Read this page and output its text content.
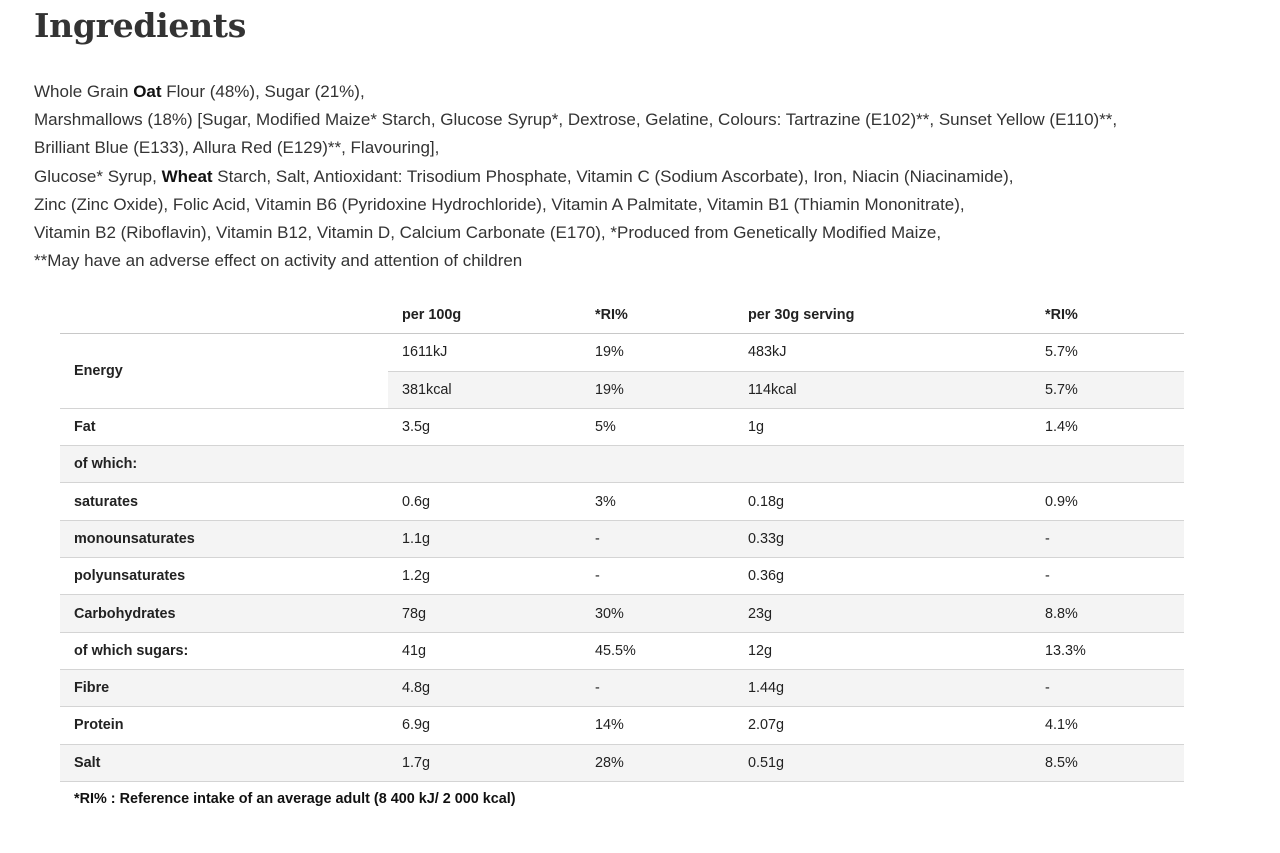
Ingredients
Whole Grain Oat Flour (48%), Sugar (21%),
Marshmallows (18%) [Sugar, Modified Maize* Starch, Glucose Syrup*, Dextrose, Gelatine, Colours: Tartrazine (E102)**, Sunset Yellow (E110)**,
Brilliant Blue (E133), Allura Red (E129)**, Flavouring],
Glucose* Syrup, Wheat Starch, Salt, Antioxidant: Trisodium Phosphate, Vitamin C (Sodium Ascorbate), Iron, Niacin (Niacinamide),
Zinc (Zinc Oxide), Folic Acid, Vitamin B6 (Pyridoxine Hydrochloride), Vitamin A Palmitate, Vitamin B1 (Thiamin Mononitrate),
Vitamin B2 (Riboflavin), Vitamin B12, Vitamin D, Calcium Carbonate (E170), *Produced from Genetically Modified Maize,
**May have an adverse effect on activity and attention of children
	per 100g	*RI%	per 30g serving	*RI%
Energy	1611kJ	19%	483kJ	5.7%
	381kcal	19%	114kcal	5.7%
Fat	3.5g	5%	1g	1.4%
of which:				
saturates	0.6g	3%	0.18g	0.9%
monounsaturates	1.1g	-	0.33g	-
polyunsaturates	1.2g	-	0.36g	-
Carbohydrates	78g	30%	23g	8.8%
of which sugars:	41g	45.5%	12g	13.3%
Fibre	4.8g	-	1.44g	-
Protein	6.9g	14%	2.07g	4.1%
Salt	1.7g	28%	0.51g	8.5%

*RI% : Reference intake of an average adult (8 400 kJ/ 2 000 kcal)
